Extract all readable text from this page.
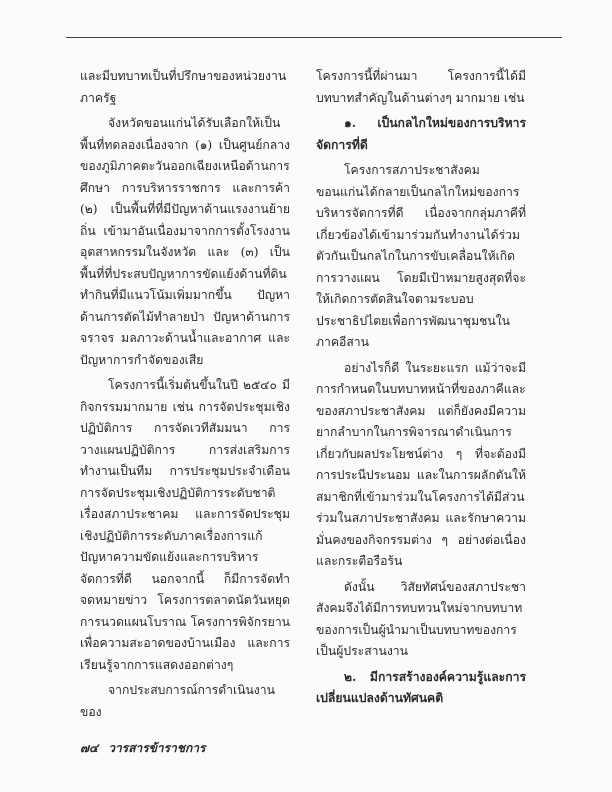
และมีบทบาทเป็นที่ปรึกษาของหน่วยงานภาครัฐ

จังหวัดขอนแก่นได้รับเลือกให้เป็นพื้นที่ทดลองเนื่องจาก (๑) เป็นศูนย์กลางของภูมิภาคตะวันออกเฉียงเหนือด้านการศึกษา การบริหารราชการ และการค้า (๒) เป็นพื้นที่ที่มีปัญหาด้านแรงงานย้ายถิ่น เข้ามาอันเนื่องมาจากการตั้งโรงงานอุตสาหกรรมในจังหวัด และ (๓) เป็นพื้นที่ที่ประสบปัญหาการขัดแย้งด้านที่ดินทำกินที่มีแนวโน้มเพิ่มมากขึ้น ปัญหาด้านการตัดไม้ทำลายป่า ปัญหาด้านการจราจร มลภาวะด้านน้ำและอากาศ และปัญหาการกำจัดของเสีย

โครงการนี้เริ่มต้นขึ้นในปี ๒๕๔๐ มีกิจกรรมมากมาย เช่น การจัดประชุมเชิงปฏิบัติการ การจัดเวทีสัมมนา การวางแผนปฏิบัติการ การส่งเสริมการทำงานเป็นทีม การประชุมประจำเดือน การจัดประชุมเชิงปฏิบัติการระดับชาติเรื่องสภาประชาคม และการจัดประชุมเชิงปฏิบัติการระดับภาคเรื่องการแก้ปัญหาความขัดแย้งและการบริหารจัดการที่ดี นอกจากนี้ ก็มีการจัดทำจดหมายข่าว โครงการตลาดนัดวันหยุด การนวดแผนโบราณ โครงการพิจักรยานเพื่อความสะอาดของบ้านเมือง และการเรียนรู้จากการแสดงออกต่างๆ

จากประสบการณ์การดำเนินงานของ

โครงการนี้ที่ผ่านมา โครงการนี้ได้มีบทบาทสำคัญในด้านต่างๆ มากมาย เช่น

๑. เป็นกลไกใหม่ของการบริหารจัดการที่ดี

โครงการสภาประชาสังคมขอนแก่นได้กลายเป็นกลไกใหม่ของการบริหารจัดการที่ดี เนื่องจากกลุ่มภาคีที่เกี่ยวข้องได้เข้ามาร่วมกันทำงานได้ร่วมตัวกันเป็นกลไกในการขับเคลื่อนให้เกิดการวางแผน โดยมีเป้าหมายสูงสุดที่จะให้เกิดการตัดสินใจตามระบอบประชาธิปไตยเพื่อการพัฒนาชุมชนในภาคอีสาน

อย่างไรก็ดี ในระยะแรก แม้ว่าจะมีการกำหนดในบทบาทหน้าที่ของภาคีและของสภาประชาสังคม แต่ก็ยังคงมีความยากลำบากในการพิจารณาดำเนินการเกี่ยวกับผลประโยชน์ต่าง ๆ ที่จะต้องมีการประนีประนอม และในการผลักดันให้สมาชิกที่เข้ามาร่วมในโครงการได้มีส่วนร่วมในสภาประชาสังคม และรักษาความมั่นคงของกิจกรรมต่าง ๆ อย่างต่อเนื่องและกระตือรือร้น

ดังนั้น วิสัยทัศน์ของสภาประชาสังคมจึงได้มีการทบทวนใหม่จากบทบาทของการเป็นผู้นำมาเป็นบทบาทของการเป็นผู้ประสานงาน

๒. มีการสร้างองค์ความรู้และการเปลี่ยนแปลงด้านทัศนคติ

๗๔ วารสารข้าราชการ
